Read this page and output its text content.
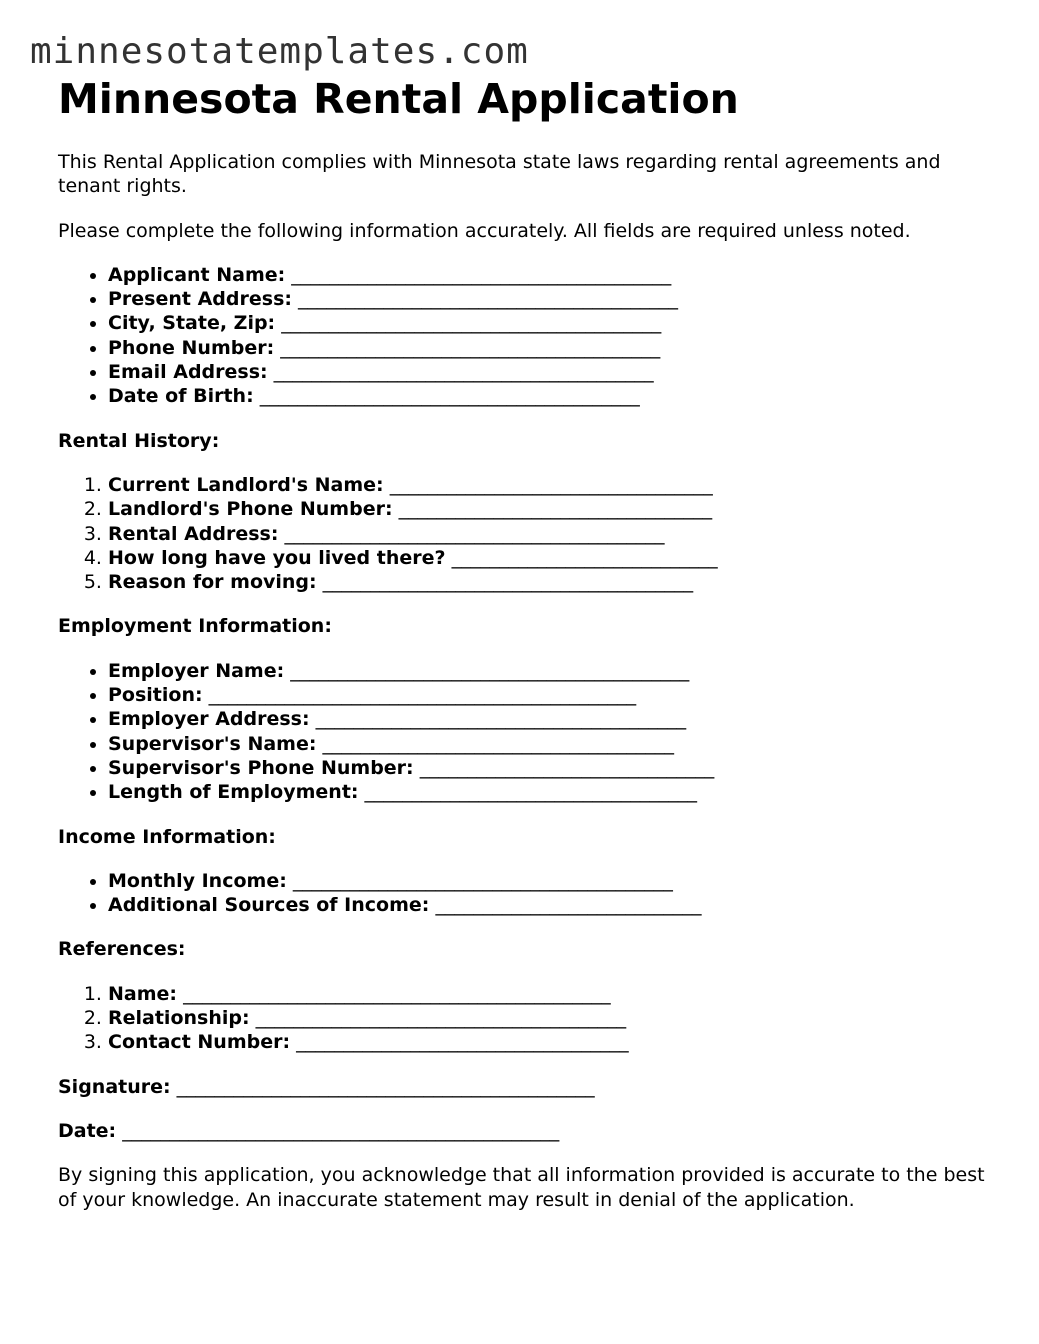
minnesotatemplates.com
Minnesota Rental Application

This Rental Application complies with Minnesota state laws regarding rental agreements and tenant rights.

Please complete the following information accurately. All fields are required unless noted.

• Applicant Name: ________________________________________
• Present Address: ________________________________________
• City, State, Zip: ________________________________________
• Phone Number: ________________________________________
• Email Address: ________________________________________
• Date of Birth: ________________________________________
Rental History:
1. Current Landlord's Name: __________________________________
2. Landlord's Phone Number: _________________________________
3. Rental Address: ________________________________________
4. How long have you lived there? ____________________________
5. Reason for moving: _______________________________________
Employment Information:
• Employer Name: __________________________________________
• Position: _____________________________________________
• Employer Address: _______________________________________
• Supervisor's Name: _____________________________________
• Supervisor's Phone Number: _______________________________
• Length of Employment: ___________________________________
Income Information:
• Monthly Income: ________________________________________
• Additional Sources of Income: ____________________________
References:
1. Name: _____________________________________________
2. Relationship: _______________________________________
3. Contact Number: ___________________________________
Signature: ____________________________________________
Date: ______________________________________________

By signing this application, you acknowledge that all information provided is accurate to the best of your knowledge. An inaccurate statement may result in denial of the application.
